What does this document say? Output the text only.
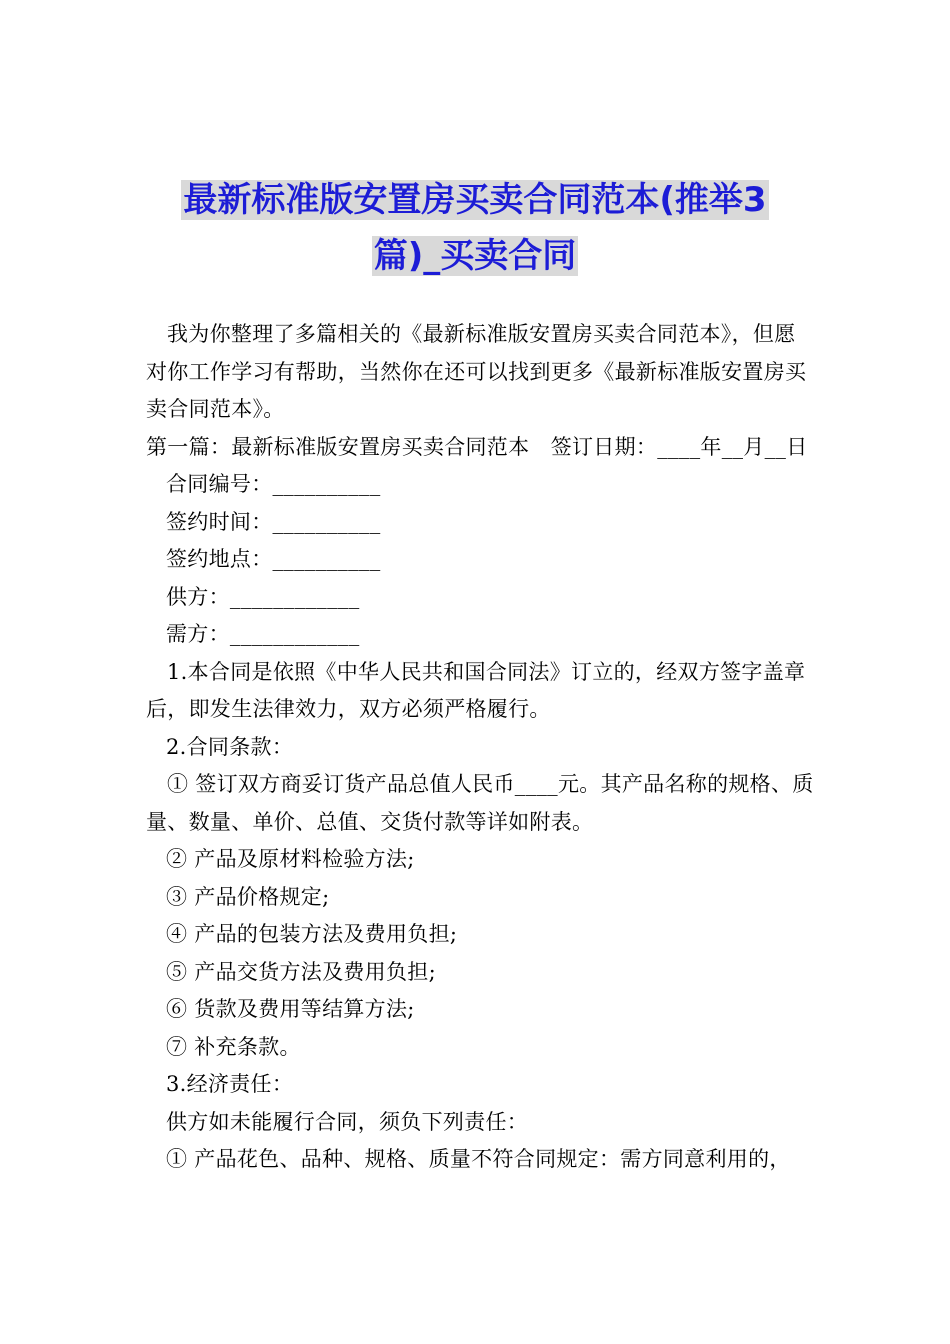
最新标准版安置房买卖合同范本(推举3
篇)_买卖合同

我为你整理了多篇相关的《最新标准版安置房买卖合同范本》，但愿对你工作学习有帮助，当然你在还可以找到更多《最新标准版安置房买卖合同范本》。

第一篇：最新标准版安置房买卖合同范本　签订日期：____年__月__日

合同编号：__________

签约时间：__________

签约地点：__________

供方：____________

需方：____________

1.本合同是依照《中华人民共和国合同法》订立的，经双方签字盖章后，即发生法律效力，双方必须严格履行。

2.合同条款：

① 签订双方商妥订货产品总值人民币____元。其产品名称的规格、质量、数量、单价、总值、交货付款等详如附表。

② 产品及原材料检验方法;

③ 产品价格规定;

④ 产品的包装方法及费用负担;

⑤ 产品交货方法及费用负担;

⑥ 货款及费用等结算方法;

⑦ 补充条款。

3.经济责任：

供方如未能履行合同，须负下列责任：

① 产品花色、品种、规格、质量不符合同规定：需方同意利用的，
